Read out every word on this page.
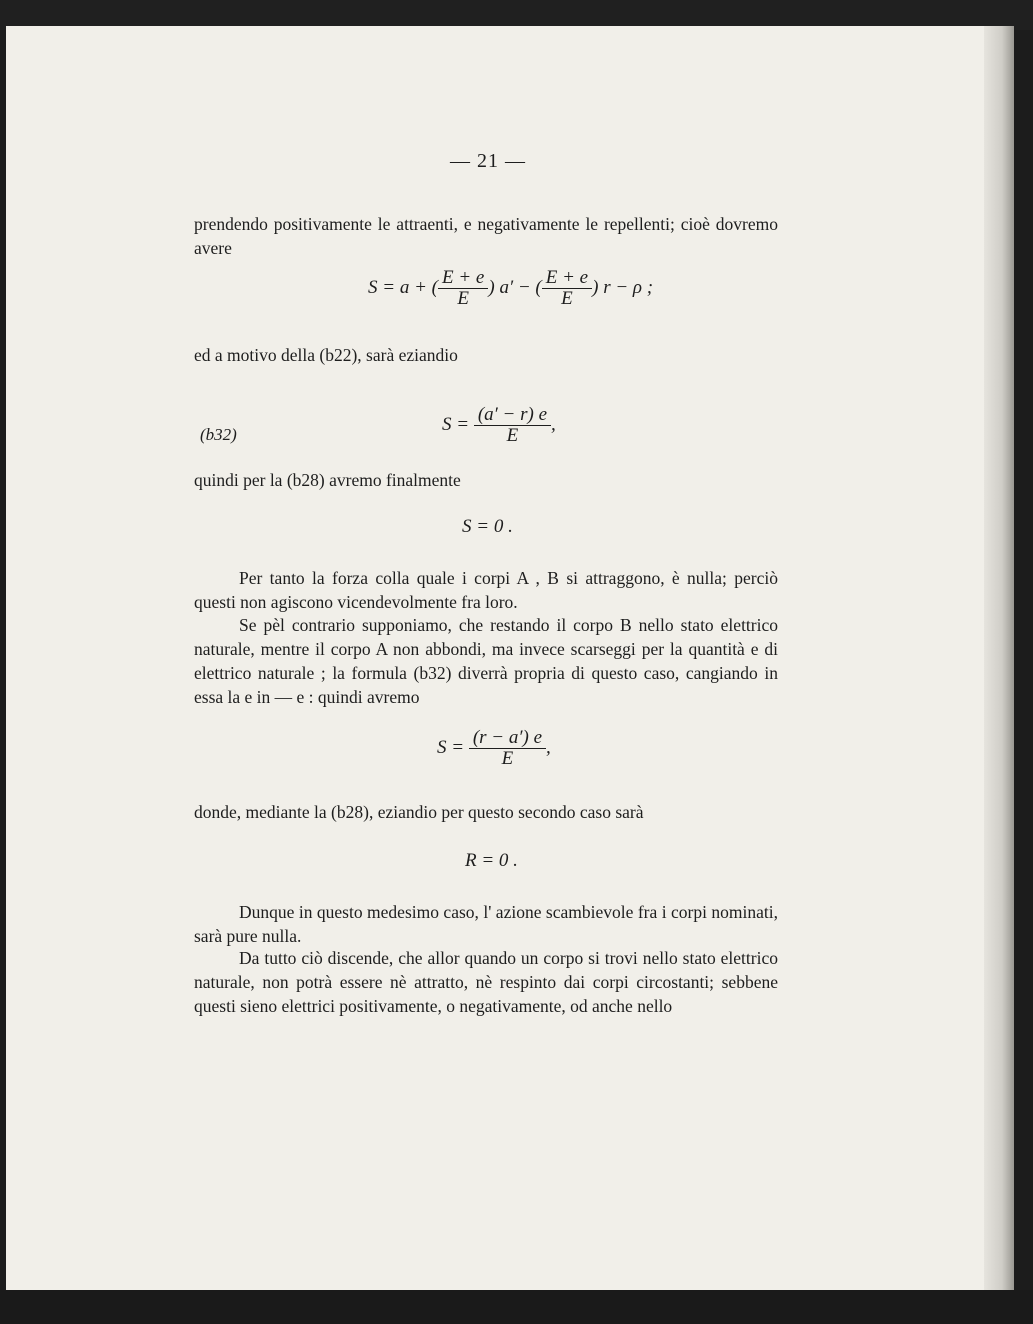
— 21 —

prendendo positivamente le attraenti, e negativamente le repellenti; cioè dovremo avere

S = a + ( $\frac{E + e}{E}$ ) a′ − ( $\frac{E + e}{E}$ ) r − ρ ;

ed a motivo della (b22), sarà eziandio

(b32)	$S = \frac{(a' - r) e}{E}$ ,

quindi per la (b28) avremo finalmente

S = 0 .

Per tanto la forza colla quale i corpi A , B si attraggono, è nulla; perciò questi non agiscono vicendevolmente fra loro.

Se pèl contrario supponiamo, che restando il corpo B nello stato elettrico naturale, mentre il corpo A non abbondi, ma invece scarseggi per la quantità e di elettrico naturale ; la formula (b32) diverrà propria di questo caso, cangiando in essa la e in — e : quindi avremo

$S = \frac{(r - a') e}{E}$ ,

donde, mediante la (b28), eziandio per questo secondo caso sarà

R = 0 .

Dunque in questo medesimo caso, l' azione scambievole fra i corpi nominati, sarà pure nulla.

Da tutto ciò discende, che allor quando un corpo si trovi nello stato elettrico naturale, non potrà essere nè attratto, nè respinto dai corpi circostanti; sebbene questi sieno elettrici positivamente, o negativamente, od anche nello
